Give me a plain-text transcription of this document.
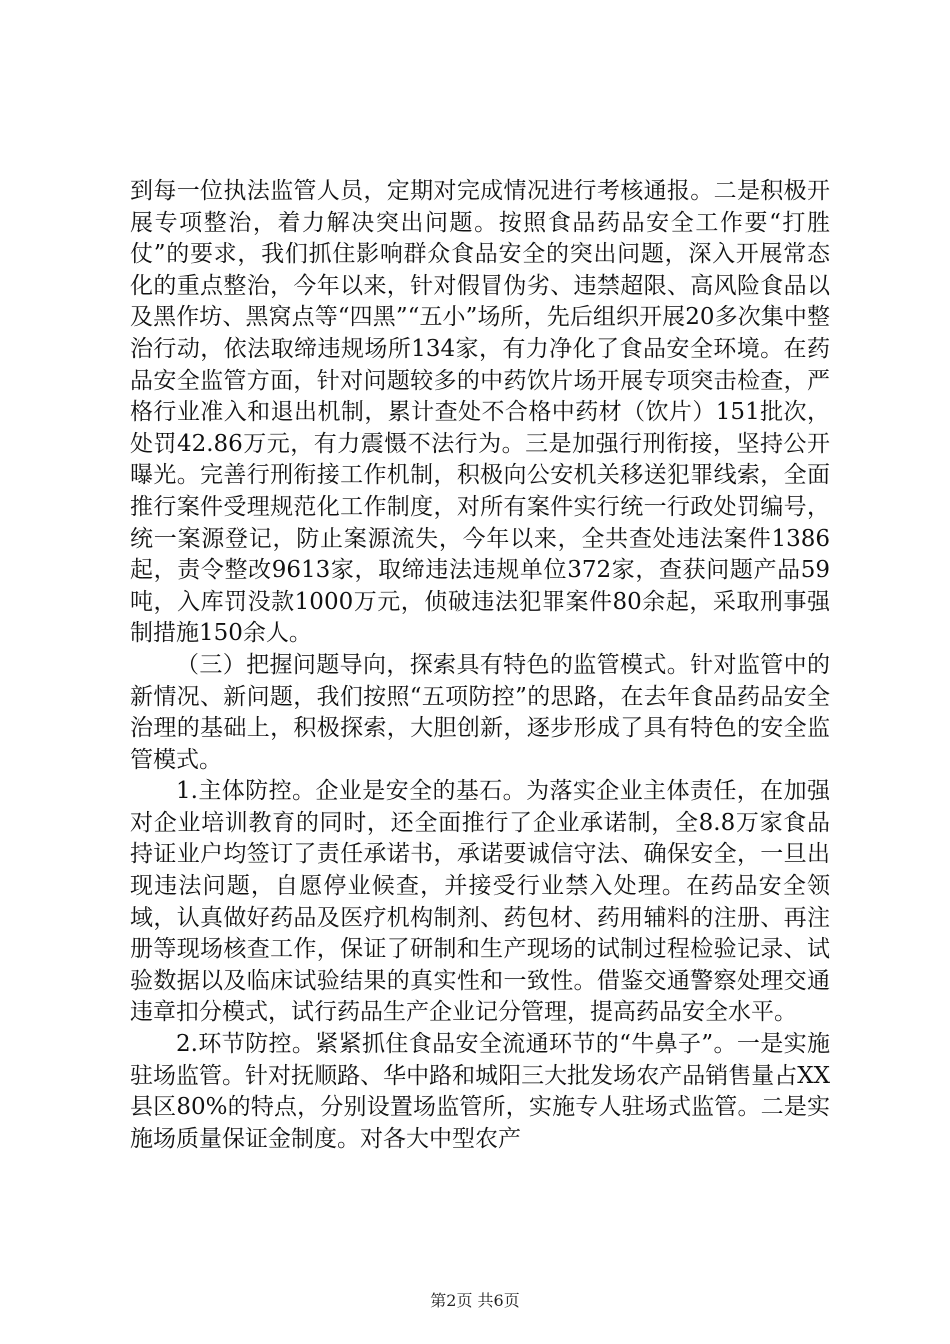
到每一位执法监管人员，定期对完成情况进行考核通报。二是积极开展专项整治，着力解决突出问题。按照食品药品安全工作要“打胜仗”的要求，我们抓住影响群众食品安全的突出问题，深入开展常态化的重点整治，今年以来，针对假冒伪劣、违禁超限、高风险食品以及黑作坊、黑窝点等“四黑”“五小”场所，先后组织开展20多次集中整治行动，依法取缔违规场所134家，有力净化了食品安全环境。在药品安全监管方面，针对问题较多的中药饮片场开展专项突击检查，严格行业准入和退出机制，累计查处不合格中药材（饮片）151批次，处罚42.86万元，有力震慑不法行为。三是加强行刑衔接，坚持公开曝光。完善行刑衔接工作机制，积极向公安机关移送犯罪线索，全面推行案件受理规范化工作制度，对所有案件实行统一行政处罚编号，统一案源登记，防止案源流失，今年以来，全共查处违法案件1386起，责令整改9613家，取缔违法违规单位372家，查获问题产品59吨，入库罚没款1000万元，侦破违法犯罪案件80余起，采取刑事强制措施150余人。

（三）把握问题导向，探索具有特色的监管模式。针对监管中的新情况、新问题，我们按照“五项防控”的思路，在去年食品药品安全治理的基础上，积极探索，大胆创新，逐步形成了具有特色的安全监管模式。

1.主体防控。企业是安全的基石。为落实企业主体责任，在加强对企业培训教育的同时，还全面推行了企业承诺制，全8.8万家食品持证业户均签订了责任承诺书，承诺要诚信守法、确保安全，一旦出现违法问题，自愿停业候查，并接受行业禁入处理。在药品安全领域，认真做好药品及医疗机构制剂、药包材、药用辅料的注册、再注册等现场核查工作，保证了研制和生产现场的试制过程检验记录、试验数据以及临床试验结果的真实性和一致性。借鉴交通警察处理交通违章扣分模式，试行药品生产企业记分管理，提高药品安全水平。

2.环节防控。紧紧抓住食品安全流通环节的“牛鼻子”。一是实施驻场监管。针对抚顺路、华中路和城阳三大批发场农产品销售量占XX县区80%的特点，分别设置场监管所，实施专人驻场式监管。二是实施场质量保证金制度。对各大中型农产

第2页 共6页
